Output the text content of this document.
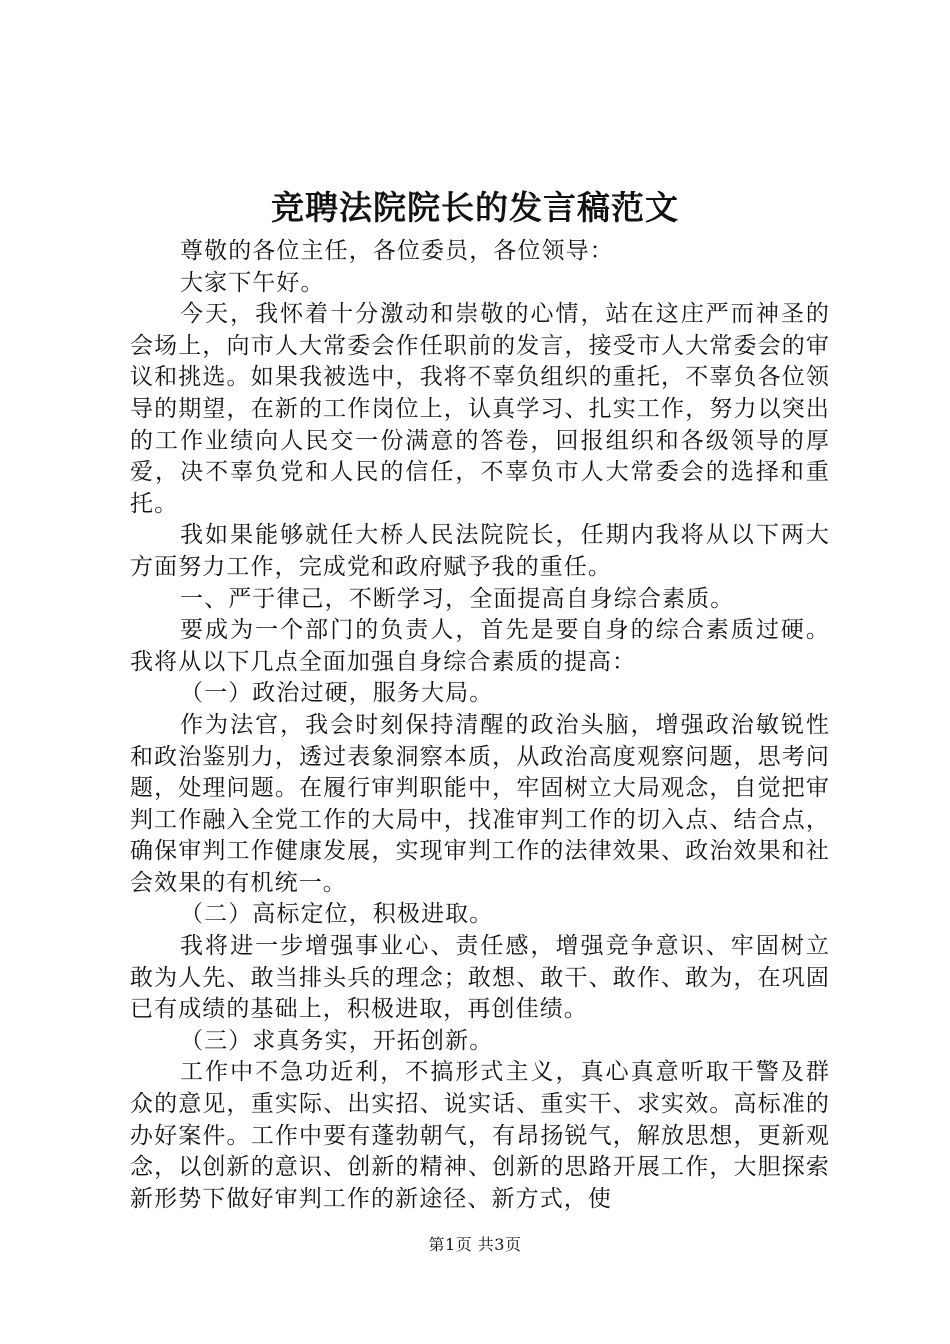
竞聘法院院长的发言稿范文

尊敬的各位主任，各位委员，各位领导：

大家下午好。

今天，我怀着十分激动和崇敬的心情，站在这庄严而神圣的会场上，向市人大常委会作任职前的发言，接受市人大常委会的审议和挑选。如果我被选中，我将不辜负组织的重托，不辜负各位领导的期望，在新的工作岗位上，认真学习、扎实工作，努力以突出的工作业绩向人民交一份满意的答卷，回报组织和各级领导的厚爱，决不辜负党和人民的信任，不辜负市人大常委会的选择和重托。

我如果能够就任大桥人民法院院长，任期内我将从以下两大方面努力工作，完成党和政府赋予我的重任。

一、严于律己，不断学习，全面提高自身综合素质。

要成为一个部门的负责人，首先是要自身的综合素质过硬。我将从以下几点全面加强自身综合素质的提高：

（一）政治过硬，服务大局。

作为法官，我会时刻保持清醒的政治头脑，增强政治敏锐性和政治鉴别力，透过表象洞察本质，从政治高度观察问题，思考问题，处理问题。在履行审判职能中，牢固树立大局观念，自觉把审判工作融入全党工作的大局中，找准审判工作的切入点、结合点，确保审判工作健康发展，实现审判工作的法律效果、政治效果和社会效果的有机统一。

（二）高标定位，积极进取。

我将进一步增强事业心、责任感，增强竞争意识、牢固树立敢为人先、敢当排头兵的理念；敢想、敢干、敢作、敢为，在巩固已有成绩的基础上，积极进取，再创佳绩。

（三）求真务实，开拓创新。

工作中不急功近利，不搞形式主义，真心真意听取干警及群众的意见，重实际、出实招、说实话、重实干、求实效。高标准的办好案件。工作中要有蓬勃朝气，有昂扬锐气，解放思想，更新观念，以创新的意识、创新的精神、创新的思路开展工作，大胆探索新形势下做好审判工作的新途径、新方式，使

第1页 共3页
